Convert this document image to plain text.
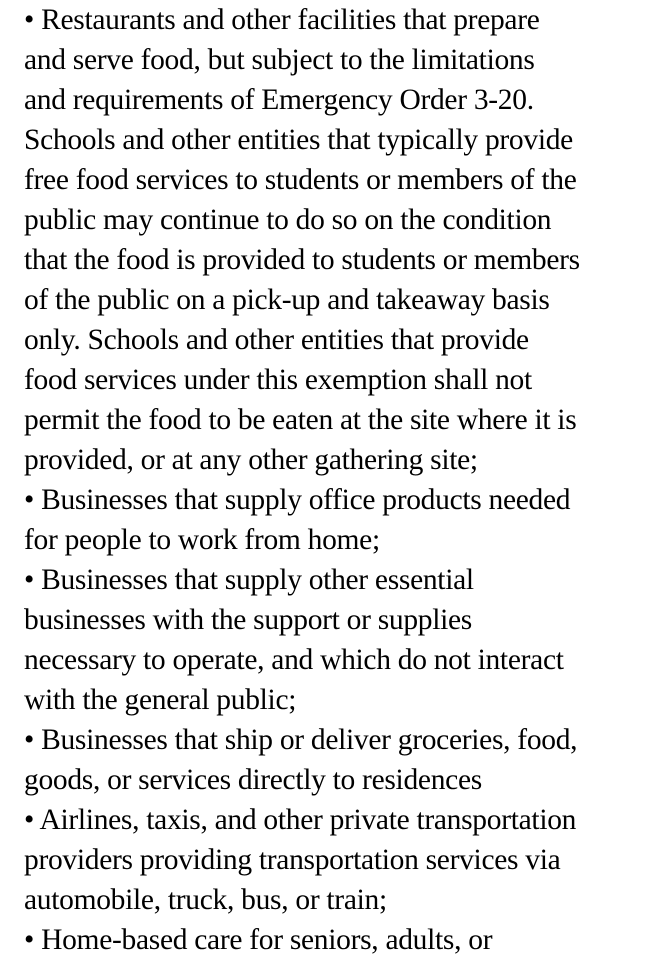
• Restaurants and other facilities that prepare
and serve food, but subject to the limitations
and requirements of Emergency Order 3-20.
Schools and other entities that typically provide
free food services to students or members of the
public may continue to do so on the condition
that the food is provided to students or members
of the public on a pick-up and takeaway basis
only. Schools and other entities that provide
food services under this exemption shall not
permit the food to be eaten at the site where it is
provided, or at any other gathering site;
• Businesses that supply office products needed
for people to work from home;
• Businesses that supply other essential
businesses with the support or supplies
necessary to operate, and which do not interact
with the general public;
• Businesses that ship or deliver groceries, food,
goods, or services directly to residences
• Airlines, taxis, and other private transportation
providers providing transportation services via
automobile, truck, bus, or train;
• Home-based care for seniors, adults, or
